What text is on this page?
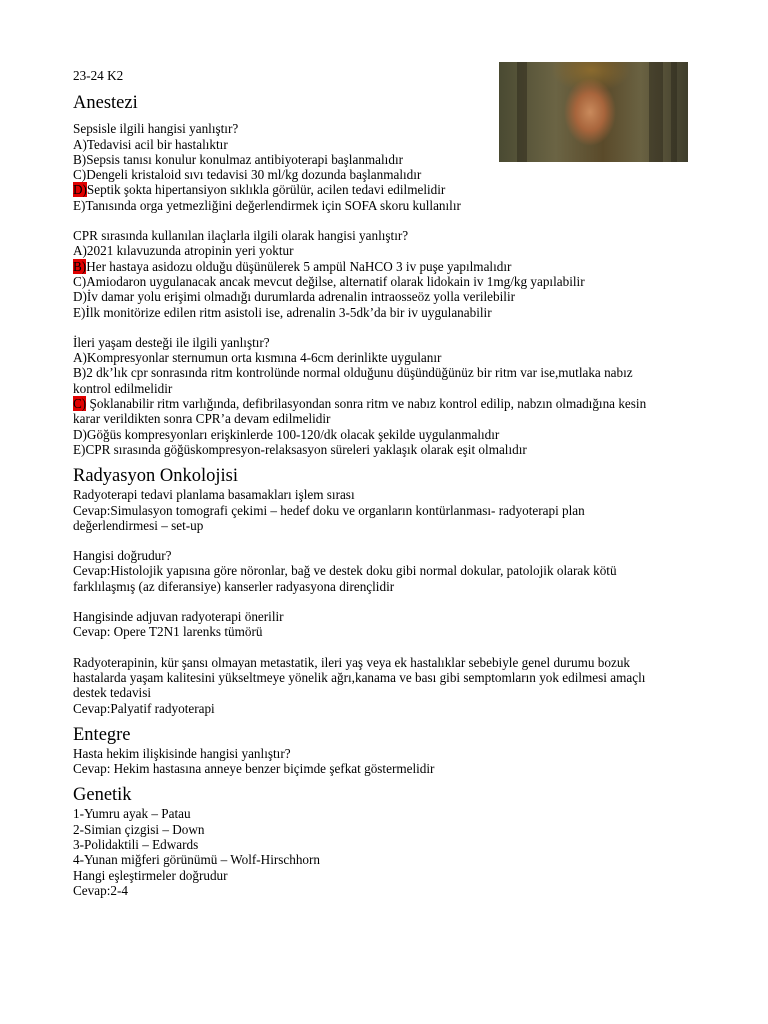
23-24 K2
Anestezi
Sepsisle ilgili hangisi yanlıştır?
A)Tedavisi acil bir hastalıktır
B)Sepsis tanısı konulur konulmaz antibiyoterapi başlanmalıdır
C)Dengeli kristaloid sıvı tedavisi 30 ml/kg dozunda başlanmalıdır
D)Septik şokta hipertansiyon sıklıkla görülür, acilen tedavi edilmelidir
E)Tanısında orga yetmezliğini değerlendirmek için SOFA skoru kullanılır
CPR sırasında kullanılan ilaçlarla ilgili olarak hangisi yanlıştır?
A)2021 kılavuzunda atropinin yeri yoktur
B)Her hastaya asidozu olduğu düşünülerek 5 ampül NaHCO 3 iv puşe yapılmalıdır
C)Amiodaron uygulanacak ancak mevcut değilse, alternatif olarak lidokain iv 1mg/kg yapılabilir
D)İv damar yolu erişimi olmadığı durumlarda adrenalin intraosseöz yolla verilebilir
E)İlk monitörize edilen ritm asistoli ise, adrenalin 3-5dk’da bir iv uygulanabilir
İleri yaşam desteği ile ilgili yanlıştır?
A)Kompresyonlar sternumun orta kısmına 4-6cm derinlikte uygulanır
B)2 dk’lık cpr sonrasında ritm kontrolünde normal olduğunu düşündüğünüz bir ritm var ise,mutlaka nabız
kontrol edilmelidir
C) Şoklanabilir ritm varlığında, defibrilasyondan sonra ritm ve nabız kontrol edilip, nabzın olmadığına kesin
karar verildikten sonra CPR’a devam edilmelidir
D)Göğüs kompresyonları erişkinlerde 100-120/dk olacak şekilde uygulanmalıdır
E)CPR sırasında göğüskompresyon-relaksasyon süreleri yaklaşık olarak eşit olmalıdır
Radyasyon Onkolojisi
Radyoterapi tedavi planlama basamakları işlem sırası
Cevap:Simulasyon tomografi çekimi – hedef doku ve organların kontürlanması- radyoterapi plan
değerlendirmesi – set-up
Hangisi doğrudur?
Cevap:Histolojik yapısına göre nöronlar, bağ ve destek doku gibi normal dokular, patolojik olarak kötü
farklılaşmış (az diferansiye) kanserler radyasyona dirençlidir
Hangisinde adjuvan radyoterapi önerilir
Cevap: Opere T2N1 larenks tümörü
Radyoterapinin, kür şansı olmayan metastatik, ileri yaş veya ek hastalıklar sebebiyle genel durumu bozuk
hastalarda yaşam kalitesini yükseltmeye yönelik ağrı,kanama ve bası gibi semptomların yok edilmesi amaçlı
destek tedavisi
Cevap:Palyatif radyoterapi
Entegre
Hasta hekim ilişkisinde hangisi yanlıştır?
Cevap: Hekim hastasına anneye benzer biçimde şefkat göstermelidir
Genetik
1-Yumru ayak – Patau
2-Simian çizgisi – Down
3-Polidaktili – Edwards
4-Yunan miğferi görünümü – Wolf-Hirschhorn
Hangi eşleştirmeler doğrudur
Cevap:2-4
